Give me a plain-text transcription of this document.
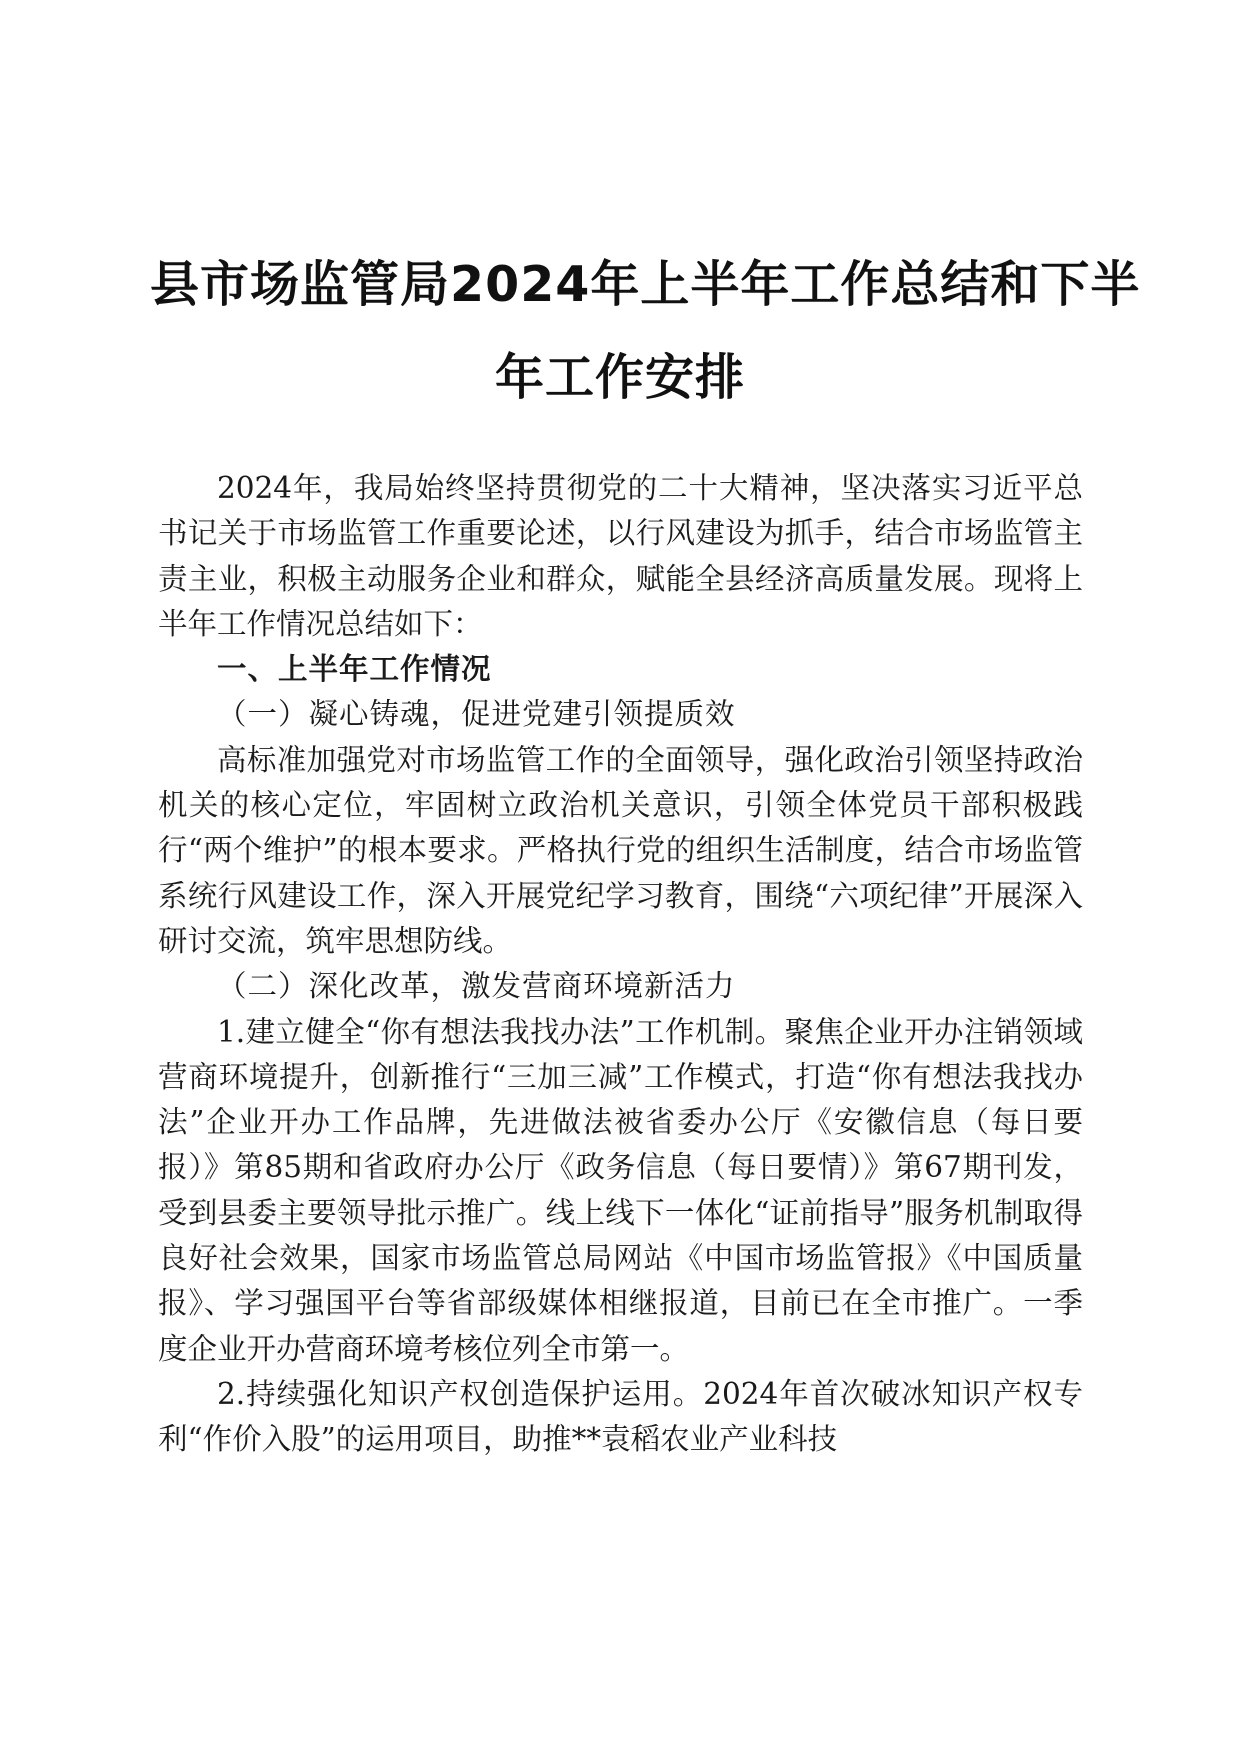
县市场监管局2024年上半年工作总结和下半
年工作安排

2024年，我局始终坚持贯彻党的二十大精神，坚决落实习近平总书记关于市场监管工作重要论述，以行风建设为抓手，结合市场监管主责主业，积极主动服务企业和群众，赋能全县经济高质量发展。现将上半年工作情况总结如下：

一、上半年工作情况

（一）凝心铸魂，促进党建引领提质效

高标准加强党对市场监管工作的全面领导，强化政治引领坚持政治机关的核心定位，牢固树立政治机关意识，引领全体党员干部积极践行“两个维护”的根本要求。严格执行党的组织生活制度，结合市场监管系统行风建设工作，深入开展党纪学习教育，围绕“六项纪律”开展深入研讨交流，筑牢思想防线。

（二）深化改革，激发营商环境新活力

1.建立健全“你有想法我找办法”工作机制。聚焦企业开办注销领域营商环境提升，创新推行“三加三减”工作模式，打造“你有想法我找办法”企业开办工作品牌，先进做法被省委办公厅《安徽信息（每日要报）》第85期和省政府办公厅《政务信息（每日要情）》第67期刊发，受到县委主要领导批示推广。线上线下一体化“证前指导”服务机制取得良好社会效果，国家市场监管总局网站《中国市场监管报》《中国质量报》、学习强国平台等省部级媒体相继报道，目前已在全市推广。一季度企业开办营商环境考核位列全市第一。

2.持续强化知识产权创造保护运用。2024年首次破冰知识产权专利“作价入股”的运用项目，助推**袁稻农业产业科技
